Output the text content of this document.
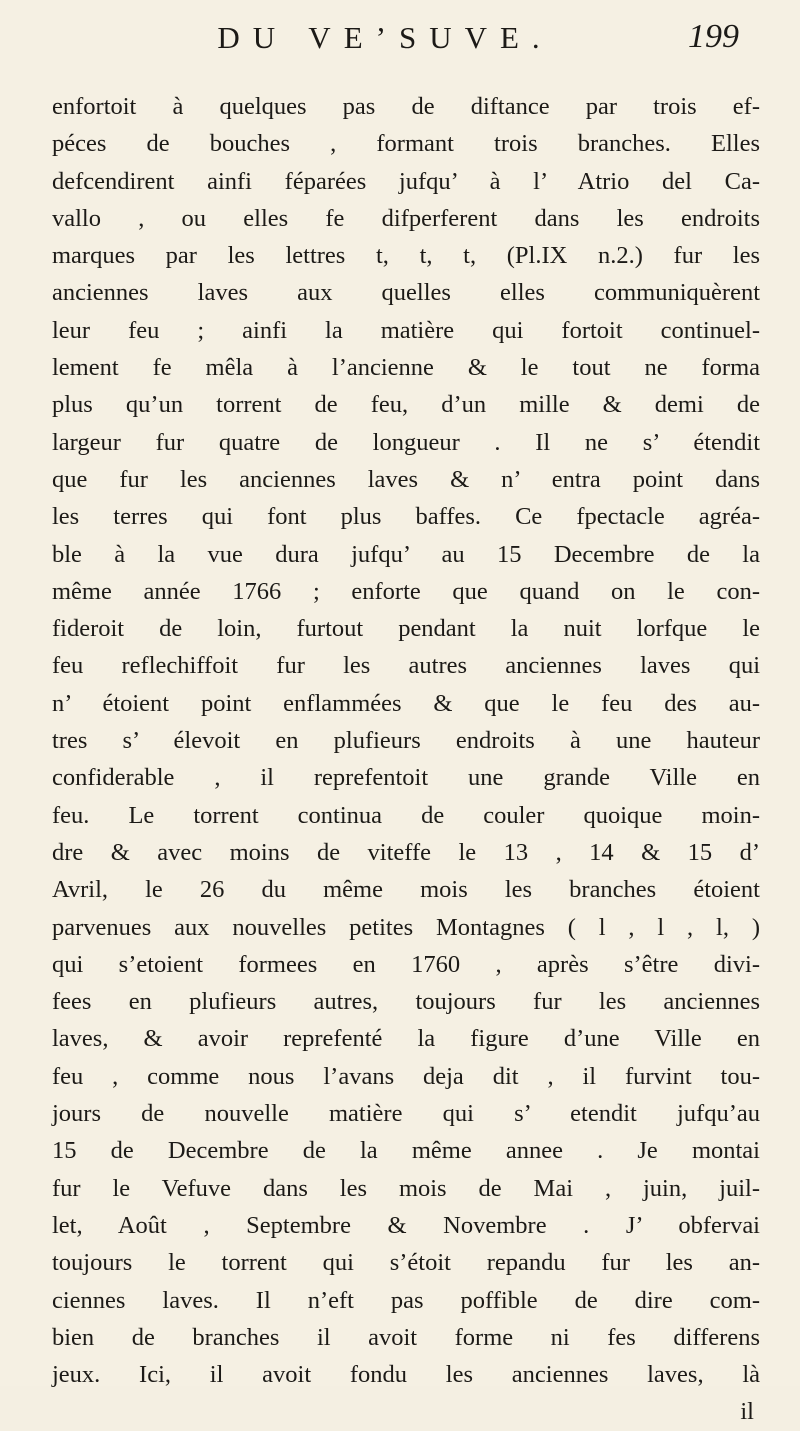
DU VE’SUVE.	199
enfortoit à quelques pas de diftance par trois ef-
péces de bouches , formant trois branches. Elles
defcendirent ainfi féparées jufqu’ à l’ Atrio del Ca-
vallo , ou elles fe difperferent dans les endroits
marques par les lettres t, t, t, (Pl.IX n.2.) fur les
anciennes laves aux quelles elles communiquèrent
leur feu ; ainfi la matière qui fortoit continuel-
lement fe mêla à l’ancienne & le tout ne forma
plus qu’un torrent de feu, d’un mille & demi de
largeur fur quatre de longueur . Il ne s’ étendit
que fur les anciennes laves & n’ entra point dans
les terres qui font plus baffes. Ce fpectacle agréa-
ble à la vue dura jufqu’ au 15 Decembre de la
même année 1766 ; enforte que quand on le con-
fideroit de loin, furtout pendant la nuit lorfque le
feu reflechiffoit fur les autres anciennes laves qui
n’ étoient point enflammées & que le feu des au-
tres s’ élevoit en plufieurs endroits à une hauteur
confiderable , il reprefentoit une grande Ville en
feu. Le torrent continua de couler quoique moin-
dre & avec moins de viteffe le 13 , 14 & 15 d’
Avril, le 26 du même mois les branches étoient
parvenues aux nouvelles petites Montagnes ( l , l , l, )
qui s’etoient formees en 1760 , après s’être divi-
fees en plufieurs autres, toujours fur les anciennes
laves, & avoir reprefenté la figure d’une Ville en
feu , comme nous l’avans deja dit , il furvint tou-
jours de nouvelle matière qui s’ etendit jufqu’au
15 de Decembre de la même annee . Je montai
fur le Vefuve dans les mois de Mai , juin, juil-
let, Août , Septembre & Novembre . J’ obfervai
toujours le torrent qui s’étoit repandu fur les an-
ciennes laves. Il n’eft pas poffible de dire com-
bien de branches il avoit forme ni fes differens
jeux. Ici, il avoit fondu les anciennes laves, là
il
